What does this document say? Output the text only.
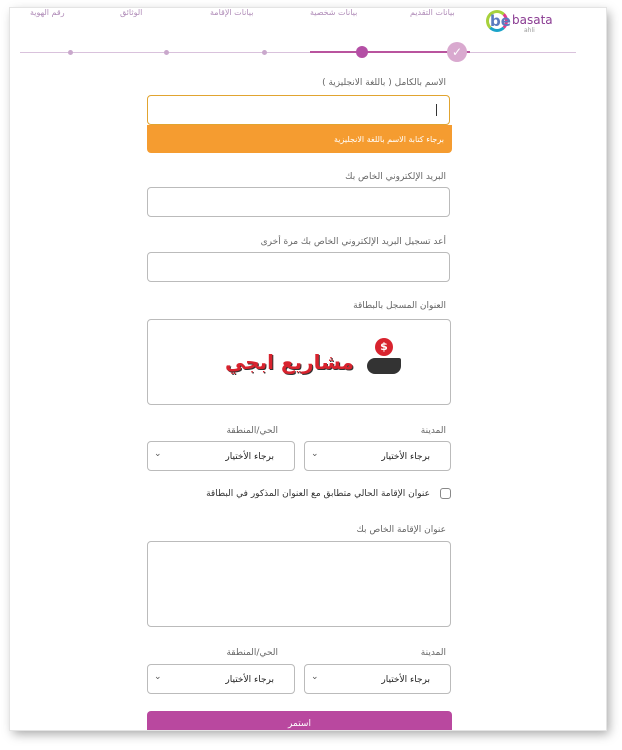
رقم الهوية	الوثائق	بيانات الإقامة	بيانات شخصية	بيانات التقديم be basata
ahli
✓
الاسم بالكامل ( باللغة الانجليزية )
برجاء كتابة الاسم باللغة الانجليزية
البريد الإلكتروني الخاص بك
أعد تسجيل البريد الإلكتروني الخاص بك مرة أخرى
العنوان المسجل بالبطاقة
مشاريع ابجي
$
المدينة
الحي/المنطقة
برجاء الأختيار
⌄
برجاء الأختيار
⌄
عنوان الإقامة الحالي متطابق مع العنوان المذكور في البطاقة
عنوان الإقامة الخاص بك
المدينة
الحي/المنطقة
برجاء الأختيار
⌄
برجاء الأختيار
⌄
استمر
